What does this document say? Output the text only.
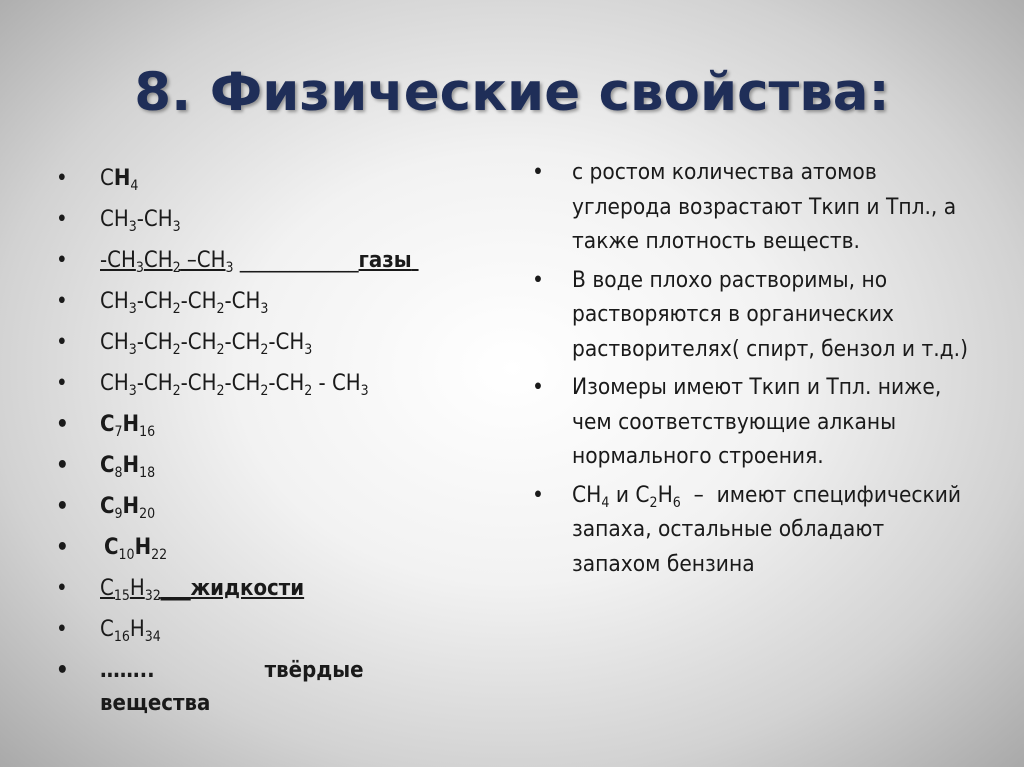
8. Физические свойства:
• $СН_4$
• $СН_3-СН_3$
• $-СН_3СН_2$ $-СН_3$ ____________газы
• $СН_3-СН_2-СН_2-СН_3$
• $СН_3-СН_2-СН_2-СН_2-СН_3$
• $СН_3-СН_2-СН_2-СН_2-СН_2 - СН_3$
• $С_7Н_{16}$
• $С_8Н_{18}$
• $С_9Н_{20}$
• $С_{10}Н_{22}$
• $С_{15}Н_{32}\_\_\_жидкости$
• $С_{16}Н_{34}$
• ……..	твёрдые
вещества
• с ростом количества атомов углерода возрастают Ткип и Тпл., а также плотность веществ.
• В воде плохо растворимы, но растворяются в органических растворителях( спирт, бензол и т.д.)
• Изомеры имеют Ткип и Тпл. ниже, чем соответствующие алканы нормального строения.
• $СН_4$ и $С_2Н_6$  –  имеют специфический запаха, остальные обладают запахом бензина
